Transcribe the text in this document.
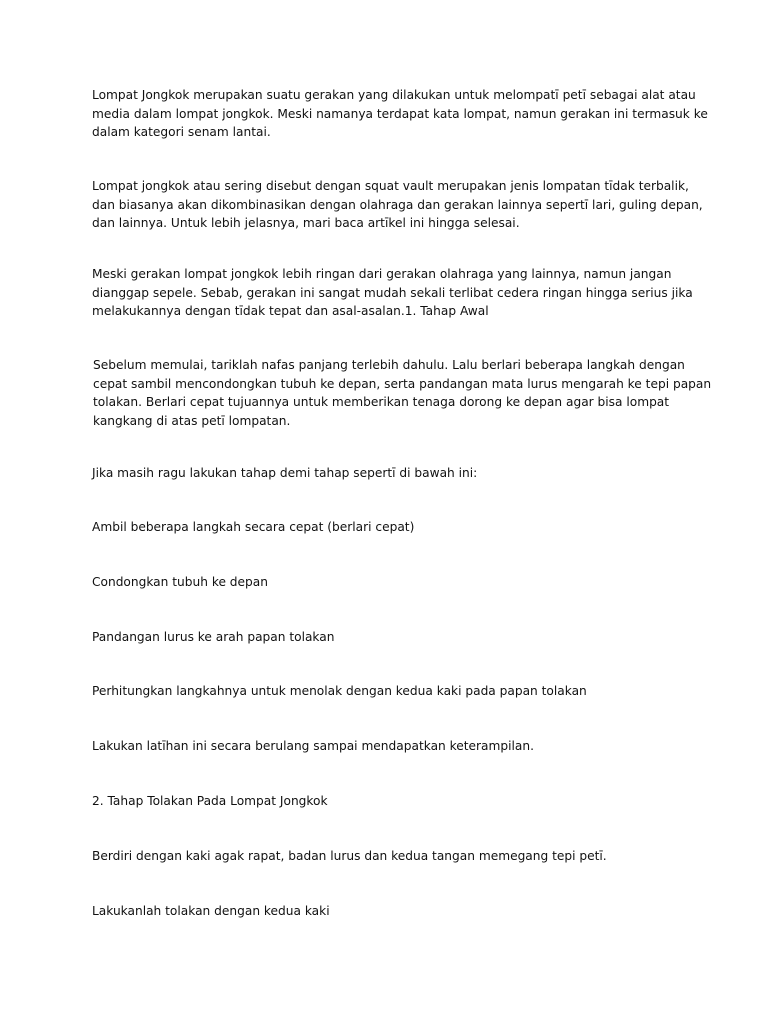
Lompat Jongkok merupakan suatu gerakan yang dilakukan untuk melompatī petī sebagai alat atau
media dalam lompat jongkok. Meski namanya terdapat kata lompat, namun gerakan ini termasuk ke
dalam kategori senam lantai.

Lompat jongkok atau sering disebut dengan squat vault merupakan jenis lompatan tīdak terbalik,
dan biasanya akan dikombinasikan dengan olahraga dan gerakan lainnya sepertī lari, guling depan,
dan lainnya. Untuk lebih jelasnya, mari baca artīkel ini hingga selesai.

Meski gerakan lompat jongkok lebih ringan dari gerakan olahraga yang lainnya, namun jangan
dianggap sepele. Sebab, gerakan ini sangat mudah sekali terlibat cedera ringan hingga serius jika
melakukannya dengan tīdak tepat dan asal-asalan.1. Tahap Awal

Sebelum memulai, tariklah nafas panjang terlebih dahulu. Lalu berlari beberapa langkah dengan
cepat sambil mencondongkan tubuh ke depan, serta pandangan mata lurus mengarah ke tepi papan
tolakan. Berlari cepat tujuannya untuk memberikan tenaga dorong ke depan agar bisa lompat
kangkang di atas petī lompatan.

Jika masih ragu lakukan tahap demi tahap sepertī di bawah ini:

Ambil beberapa langkah secara cepat (berlari cepat)

Condongkan tubuh ke depan

Pandangan lurus ke arah papan tolakan

Perhitungkan langkahnya untuk menolak dengan kedua kaki pada papan tolakan

Lakukan latīhan ini secara berulang sampai mendapatkan keterampilan.

2. Tahap Tolakan Pada Lompat Jongkok

Berdiri dengan kaki agak rapat, badan lurus dan kedua tangan memegang tepi petī.

Lakukanlah tolakan dengan kedua kaki
